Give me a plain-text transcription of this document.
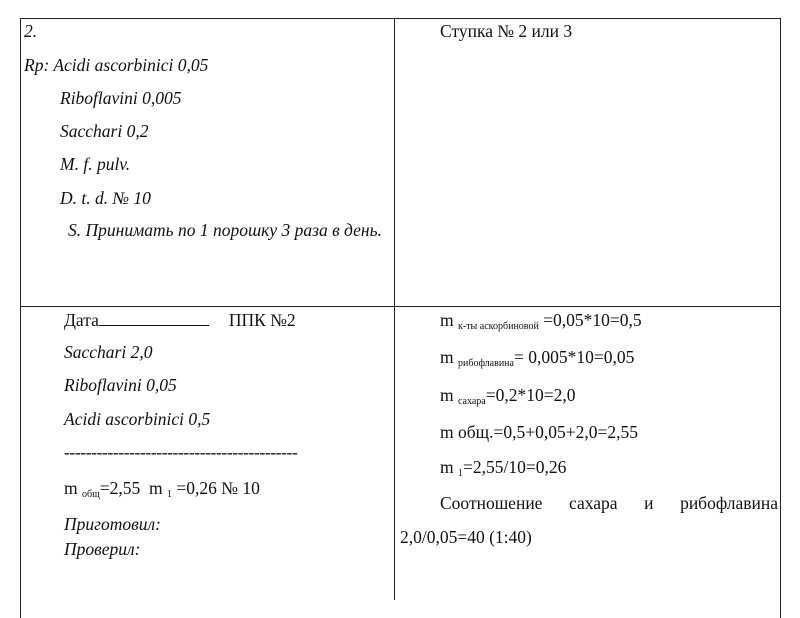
2.
Rp: Acidi ascorbinici 0,05
Riboflavini 0,005
Sacchari 0,2
M. f. pulv.
D. t. d. № 10
S. Принимать по 1 порошку 3 раза в день.
Ступка № 2 или 3
Дата	ППК №2
Sacchari 2,0
Riboflavini 0,05
Acidi ascorbinici 0,5
-------------------------------------------
m $_{общ}$=2,55 m $_1$ =0,26 № 10
Приготовил:
Проверил:
m $_{к-ты аскорбиновой}$ =0,05*10=0,5
m $_{рибофлавина}$= 0,005*10=0,05
m $_{сахара}$=0,2*10=2,0
m общ.=0,5+0,05+2,0=2,55
m $_1$=2,55/10=0,26
Соотношение сахара и рибофлавина
2,0/0,05=40 (1:40)
